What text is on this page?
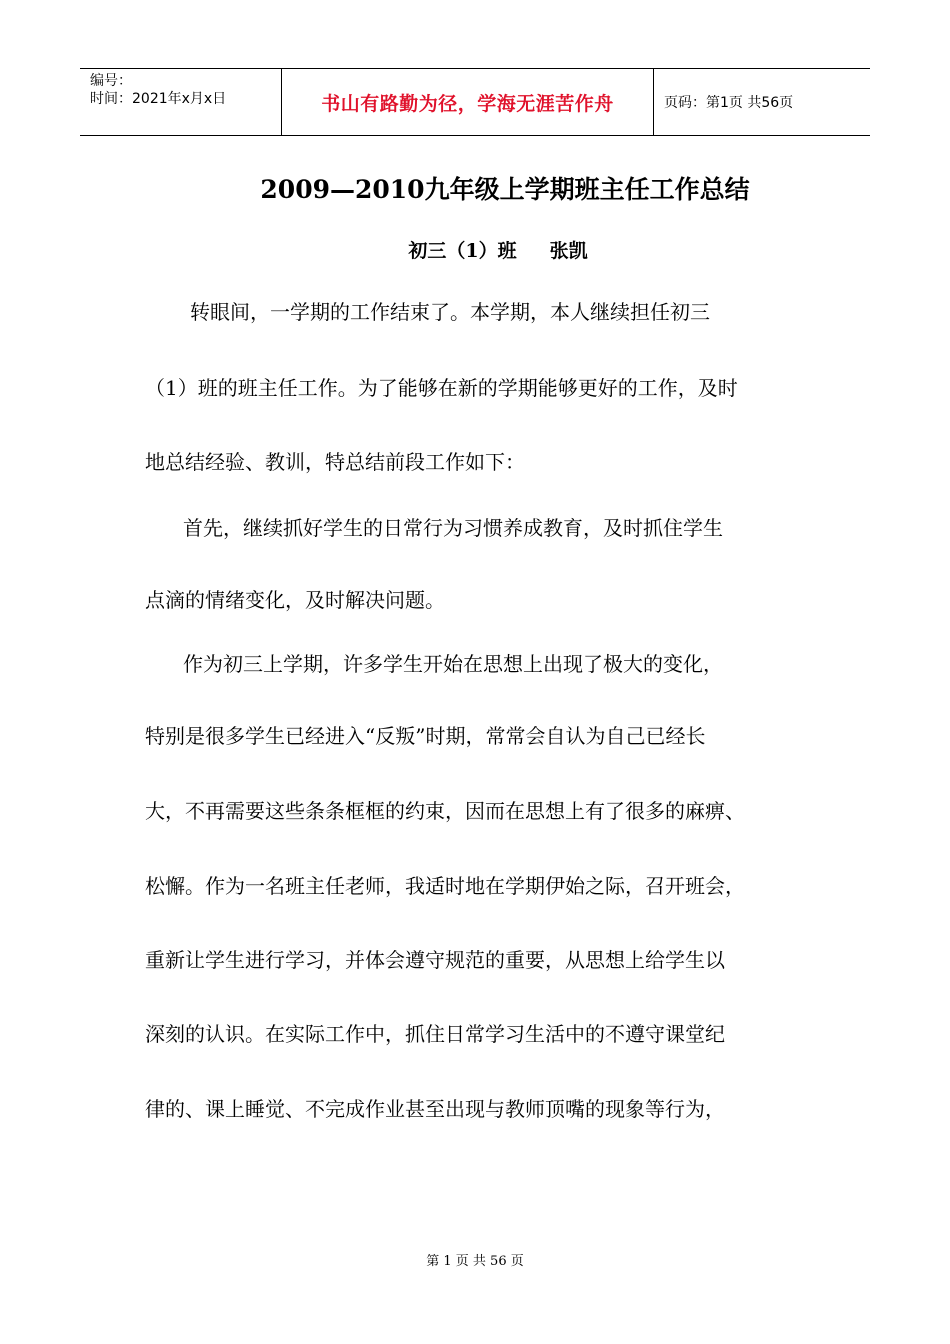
编号：
时间：2021年x月x日	书山有路勤为径，学海无涯苦作舟	页码：第1页 共56页
2009—2010九年级上学期班主任工作总结
初三（1）班     张凯
转眼间，一学期的工作结束了。本学期，本人继续担任初三
（1）班的班主任工作。为了能够在新的学期能够更好的工作，及时
地总结经验、教训，特总结前段工作如下：
首先，继续抓好学生的日常行为习惯养成教育，及时抓住学生
点滴的情绪变化，及时解决问题。
作为初三上学期，许多学生开始在思想上出现了极大的变化，
特别是很多学生已经进入“反叛”时期，常常会自认为自己已经长
大，不再需要这些条条框框的约束，因而在思想上有了很多的麻痹、
松懈。作为一名班主任老师，我适时地在学期伊始之际，召开班会，
重新让学生进行学习，并体会遵守规范的重要，从思想上给学生以
深刻的认识。在实际工作中，抓住日常学习生活中的不遵守课堂纪
律的、课上睡觉、不完成作业甚至出现与教师顶嘴的现象等行为，
第 1 页 共 56 页
